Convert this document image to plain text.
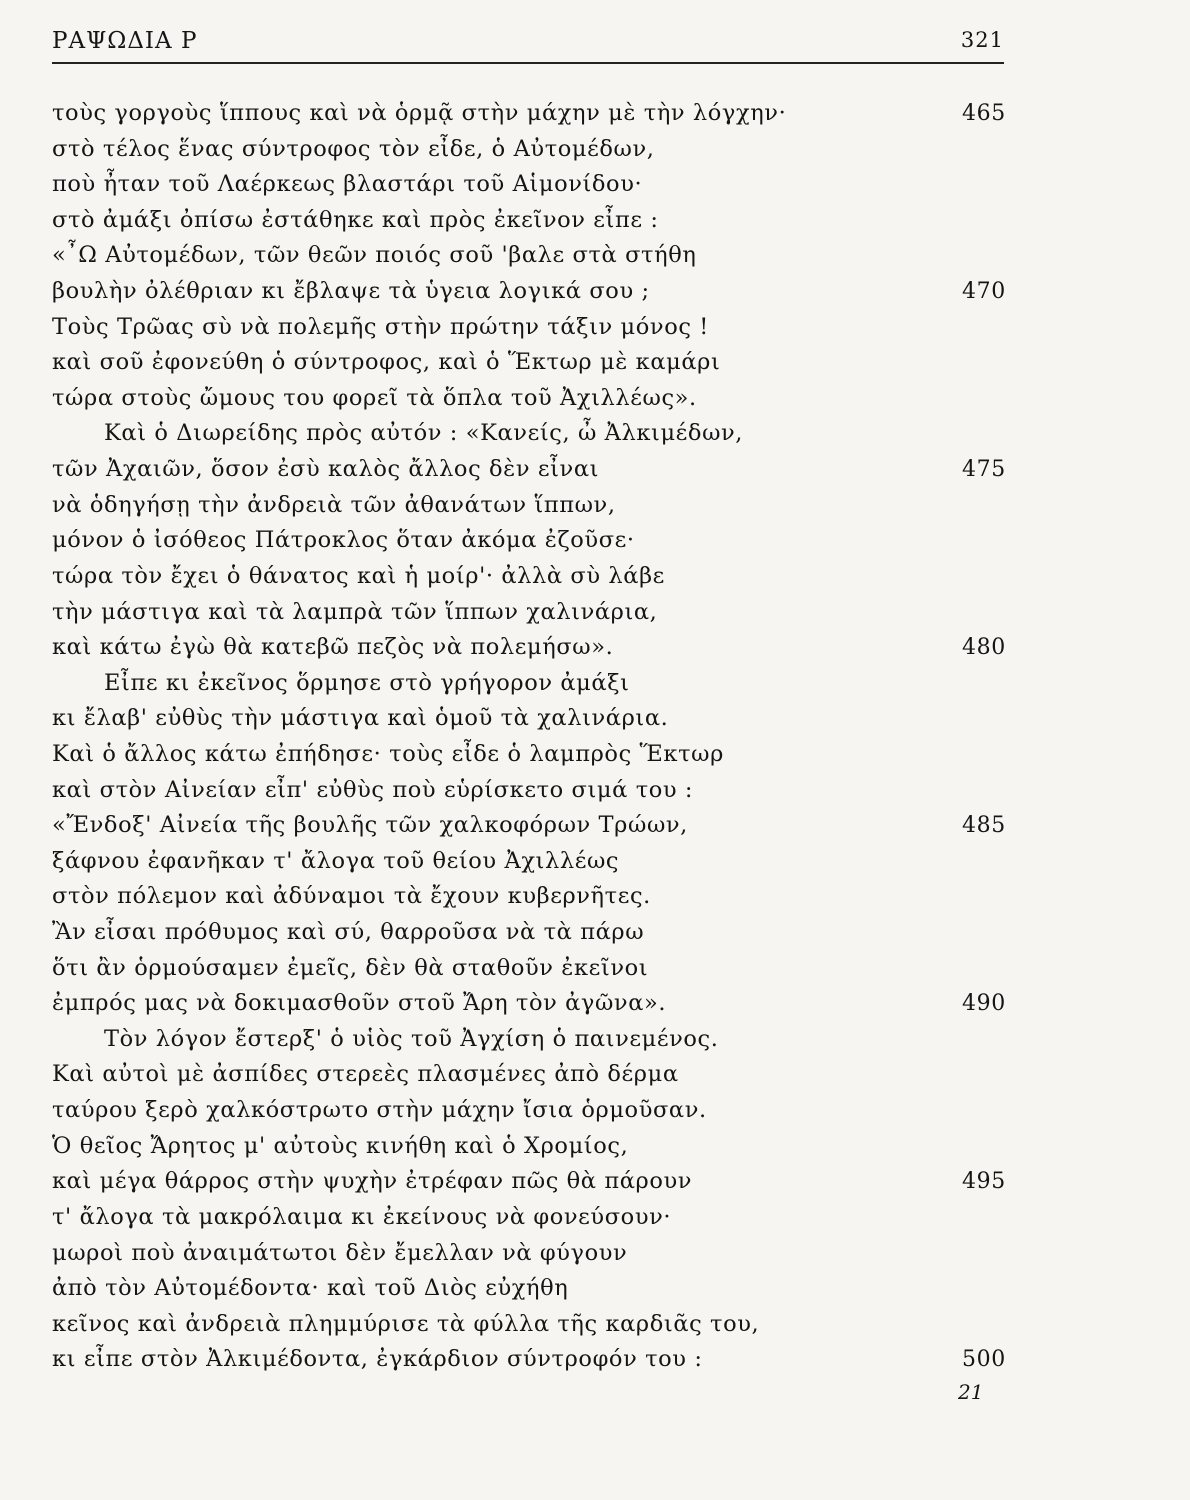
ΡΑΨΩΔΙΑ Ρ	321
τοὺς γοργοὺς ἵππους καὶ νὰ ὁρμᾷ στὴν μάχην μὲ τὴν λόγχην·	465
στὸ τέλος ἕνας σύντροφος τὸν εἶδε, ὁ Αὐτομέδων,
ποὺ ἦταν τοῦ Λαέρκεως βλαστάρι τοῦ Αἱμονίδου·
στὸ ἀμάξι ὀπίσω ἐστάθηκε καὶ πρὸς ἐκεῖνον εἶπε :
«῏Ω Αὐτομέδων, τῶν θεῶν ποιός σοῦ 'βαλε στὰ στήθη
βουλὴν ὀλέθριαν κι ἔβλαψε τὰ ὑγεια λογικά σου ;	470
Τοὺς Τρῶας σὺ νὰ πολεμῆς στὴν πρώτην τάξιν μόνος !
καὶ σοῦ ἐφονεύθη ὁ σύντροφος, καὶ ὁ Ἕκτωρ μὲ καμάρι
τώρα στοὺς ὤμους του φορεῖ τὰ ὅπλα τοῦ Ἀχιλλέως».
Καὶ ὁ Διωρείδης πρὸς αὐτόν : «Κανείς, ὦ Ἀλκιμέδων,
τῶν Ἀχαιῶν, ὅσον ἐσὺ καλὸς ἄλλος δὲν εἶναι	475
νὰ ὁδηγήσῃ τὴν ἀνδρειὰ τῶν ἀθανάτων ἵππων,
μόνον ὁ ἰσόθεος Πάτροκλος ὅταν ἀκόμα ἐζοῦσε·
τώρα τὸν ἔχει ὁ θάνατος καὶ ἡ μοίρ'· ἀλλὰ σὺ λάβε
τὴν μάστιγα καὶ τὰ λαμπρὰ τῶν ἵππων χαλινάρια,
καὶ κάτω ἐγὼ θὰ κατεβῶ πεζὸς νὰ πολεμήσω».	480
Εἶπε κι ἐκεῖνος ὅρμησε στὸ γρήγορον ἀμάξι
κι ἔλαβ' εὐθὺς τὴν μάστιγα καὶ ὁμοῦ τὰ χαλινάρια.
Καὶ ὁ ἄλλος κάτω ἐπήδησε· τοὺς εἶδε ὁ λαμπρὸς Ἕκτωρ
καὶ στὸν Αἰνείαν εἶπ' εὐθὺς ποὺ εὑρίσκετο σιμά του :
«Ἔνδοξ' Αἰνεία τῆς βουλῆς τῶν χαλκοφόρων Τρώων,	485
ξάφνου ἐφανῆκαν τ' ἄλογα τοῦ θείου Ἀχιλλέως
στὸν πόλεμον καὶ ἀδύναμοι τὰ ἔχουν κυβερνῆτες.
Ἂν εἶσαι πρόθυμος καὶ σύ, θαρροῦσα νὰ τὰ πάρω
ὅτι ἂν ὁρμούσαμεν ἐμεῖς, δὲν θὰ σταθοῦν ἐκεῖνοι
ἐμπρός μας νὰ δοκιμασθοῦν στοῦ Ἄρη τὸν ἀγῶνα».	490
Τὸν λόγον ἔστερξ' ὁ υἱὸς τοῦ Ἀγχίση ὁ παινεμένος.
Καὶ αὐτοὶ μὲ ἀσπίδες στερεὲς πλασμένες ἀπὸ δέρμα
ταύρου ξερὸ χαλκόστρωτο στὴν μάχην ἴσια ὁρμοῦσαν.
Ὁ θεῖος Ἄρητος μ' αὐτοὺς κινήθη καὶ ὁ Χρομίος,
καὶ μέγα θάρρος στὴν ψυχὴν ἐτρέφαν πῶς θὰ πάρουν	495
τ' ἄλογα τὰ μακρόλαιμα κι ἐκείνους νὰ φονεύσουν·
μωροὶ ποὺ ἀναιμάτωτοι δὲν ἔμελλαν νὰ φύγουν
ἀπὸ τὸν Αὐτομέδοντα· καὶ τοῦ Διὸς εὐχήθη
κεῖνος καὶ ἀνδρειὰ πλημμύρισε τὰ φύλλα τῆς καρδιᾶς του,
κι εἶπε στὸν Ἀλκιμέδοντα, ἐγκάρδιον σύντροφόν του :	500
21
